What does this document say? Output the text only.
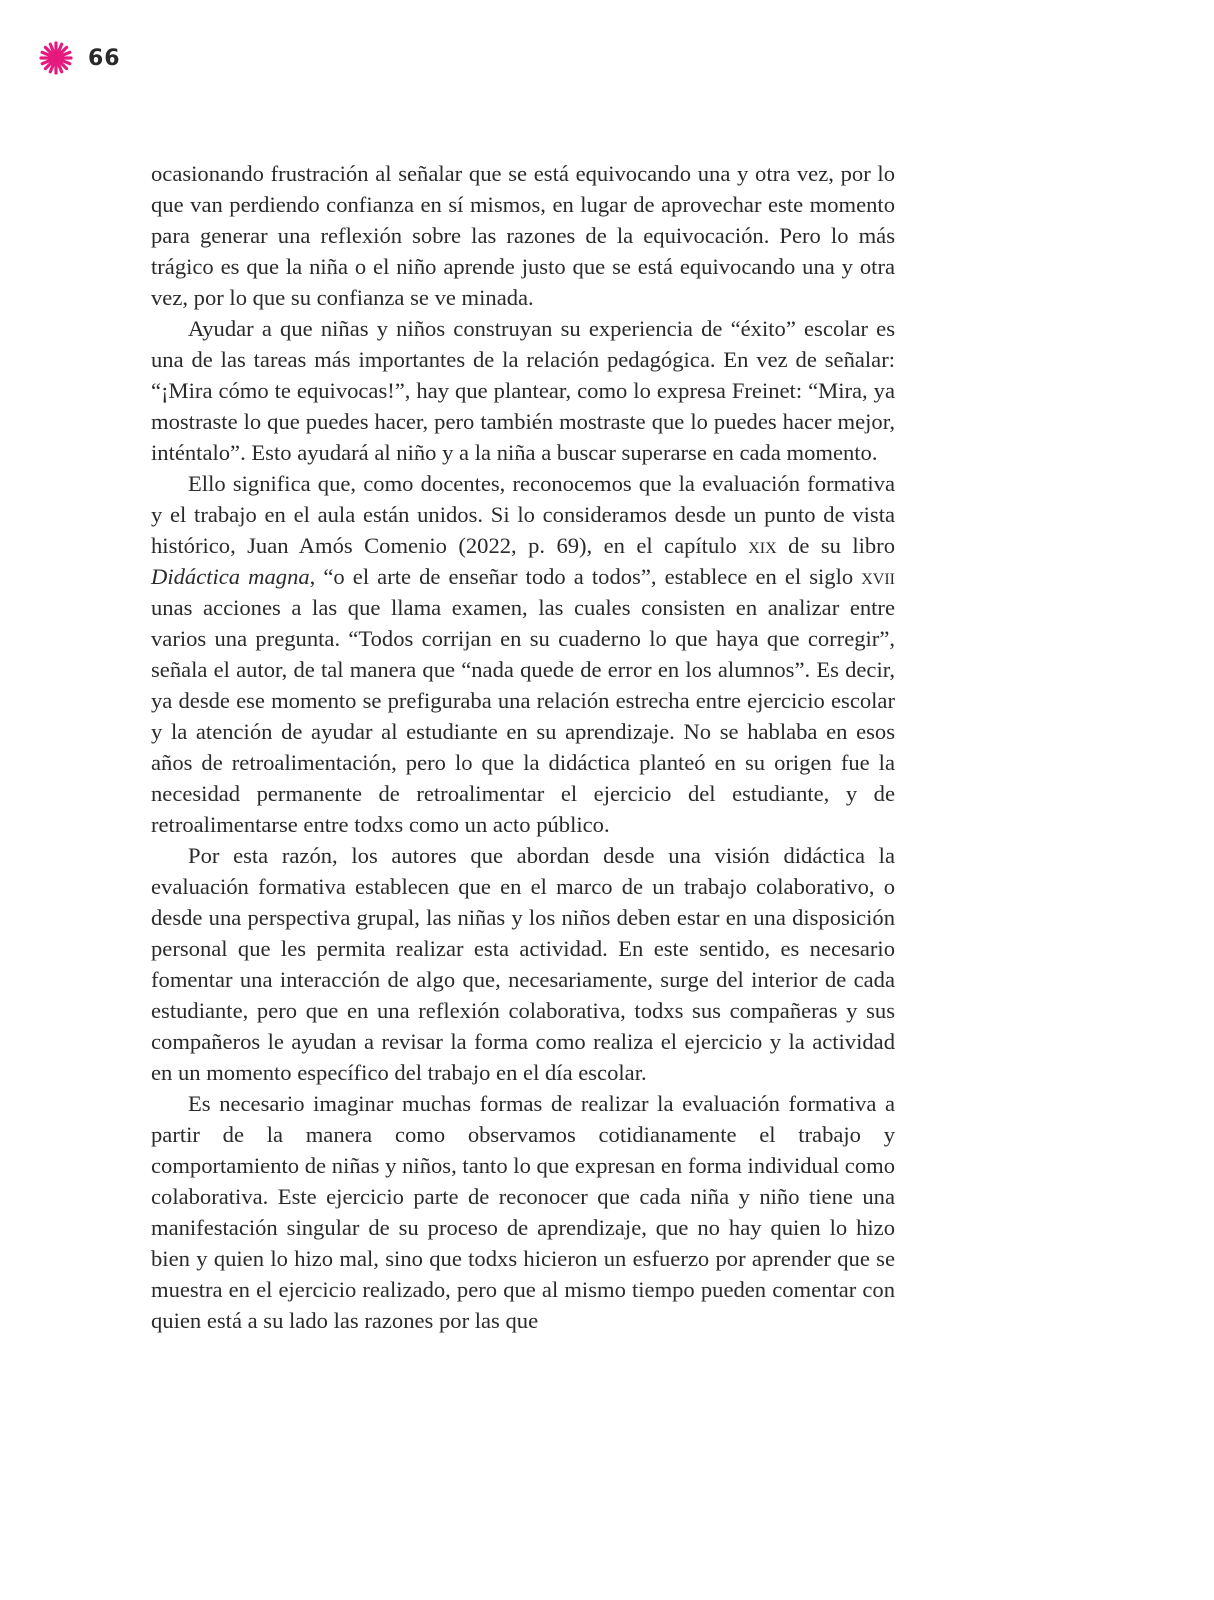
66

ocasionando frustración al señalar que se está equivocando una y otra vez, por lo que van perdiendo confianza en sí mismos, en lugar de aprovechar este momento para generar una reflexión sobre las razones de la equivocación. Pero lo más trágico es que la niña o el niño aprende justo que se está equivocando una y otra vez, por lo que su confianza se ve minada.

Ayudar a que niñas y niños construyan su experiencia de “éxito” escolar es una de las tareas más importantes de la relación pedagógica. En vez de señalar: “¡Mira cómo te equivocas!”, hay que plantear, como lo expresa Freinet: “Mira, ya mostraste lo que puedes hacer, pero también mostraste que lo puedes hacer mejor, inténtalo”. Esto ayudará al niño y a la niña a buscar superarse en cada momento.

Ello significa que, como docentes, reconocemos que la evaluación formativa y el trabajo en el aula están unidos. Si lo consideramos desde un punto de vista histórico, Juan Amós Comenio (2022, p. 69), en el capítulo xix de su libro Didáctica magna, “o el arte de enseñar todo a todos”, establece en el siglo xvii unas acciones a las que llama examen, las cuales consisten en analizar entre varios una pregunta. “Todos corrijan en su cuaderno lo que haya que corregir”, señala el autor, de tal manera que “nada quede de error en los alumnos”. Es decir, ya desde ese momento se prefiguraba una relación estrecha entre ejercicio escolar y la atención de ayudar al estudiante en su aprendizaje. No se hablaba en esos años de retroalimentación, pero lo que la didáctica planteó en su origen fue la necesidad permanente de retroalimentar el ejercicio del estudiante, y de retroalimentarse entre todxs como un acto público.

Por esta razón, los autores que abordan desde una visión didáctica la evaluación formativa establecen que en el marco de un trabajo colaborativo, o desde una perspectiva grupal, las niñas y los niños deben estar en una disposición personal que les permita realizar esta actividad. En este sentido, es necesario fomentar una interacción de algo que, necesariamente, surge del interior de cada estudiante, pero que en una reflexión colaborativa, todxs sus compañeras y sus compañeros le ayudan a revisar la forma como realiza el ejercicio y la actividad en un momento específico del trabajo en el día escolar.

Es necesario imaginar muchas formas de realizar la evaluación formativa a partir de la manera como observamos cotidianamente el trabajo y comportamiento de niñas y niños, tanto lo que expresan en forma individual como colaborativa. Este ejercicio parte de reconocer que cada niña y niño tiene una manifestación singular de su proceso de aprendizaje, que no hay quien lo hizo bien y quien lo hizo mal, sino que todxs hicieron un esfuerzo por aprender que se muestra en el ejercicio realizado, pero que al mismo tiempo pueden comentar con quien está a su lado las razones por las que
